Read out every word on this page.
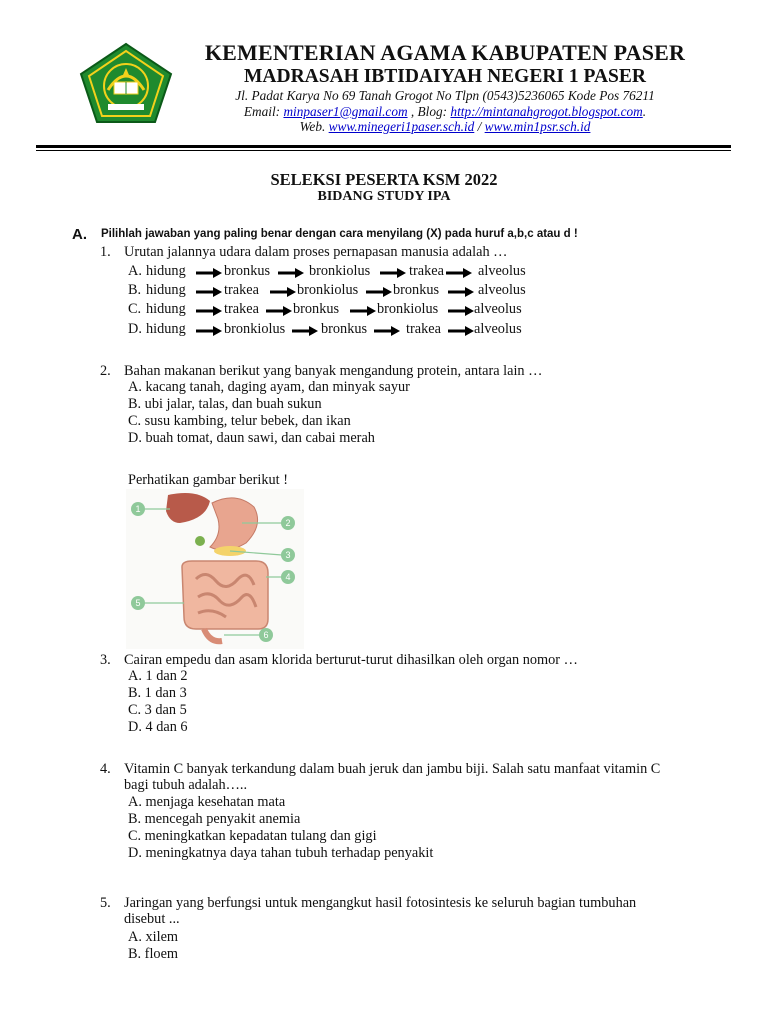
KEMENTERIAN AGAMA KABUPATEN PASER
MADRASAH IBTIDAIYAH NEGERI 1 PASER
Jl. Padat Karya No 69 Tanah Grogot No Tlpn (0543)5236065 Kode Pos 76211
Email: minpaser1@gmail.com , Blog: http://mintanahgrogot.blogspot.com.
Web. www.minegeri1paser.sch.id / www.min1psr.sch.id
SELEKSI PESERTA KSM 2022
BIDANG STUDY IPA
A. Pilihlah jawaban yang paling benar dengan cara menyilang (X) pada huruf a,b,c atau d !
1. Urutan jalannya udara dalam proses pernapasan manusia adalah …
A. hidung	bronkus	bronkiolus	trakea alveolus
B. hidung	trakea	bronkiolus bronkus	alveolus
C. hidung	trakea bronkus	bronkiolus	alveolus
D. hidung	bronkiolus	bronkus	trakea alveolus
2. Bahan makanan berikut yang banyak mengandung protein, antara lain …
A. kacang tanah, daging ayam, dan minyak sayur
B. ubi jalar, talas, dan buah sukun
C. susu kambing, telur bebek, dan ikan
D. buah tomat, daun sawi, dan cabai merah
Perhatikan gambar berikut !
1
2
3
4
5
6
3. Cairan empedu dan asam klorida berturut-turut dihasilkan oleh organ nomor …
A. 1 dan 2
B. 1 dan 3
C. 3 dan 5
D. 4 dan 6
4. Vitamin C banyak terkandung dalam buah jeruk dan jambu biji. Salah satu manfaat vitamin C
bagi tubuh adalah…..
A. menjaga kesehatan mata
B. mencegah penyakit anemia
C. meningkatkan kepadatan tulang dan gigi
D. meningkatnya daya tahan tubuh terhadap penyakit
5. Jaringan yang berfungsi untuk mengangkut hasil fotosintesis ke seluruh bagian tumbuhan
disebut ...
A. xilem
B. floem
